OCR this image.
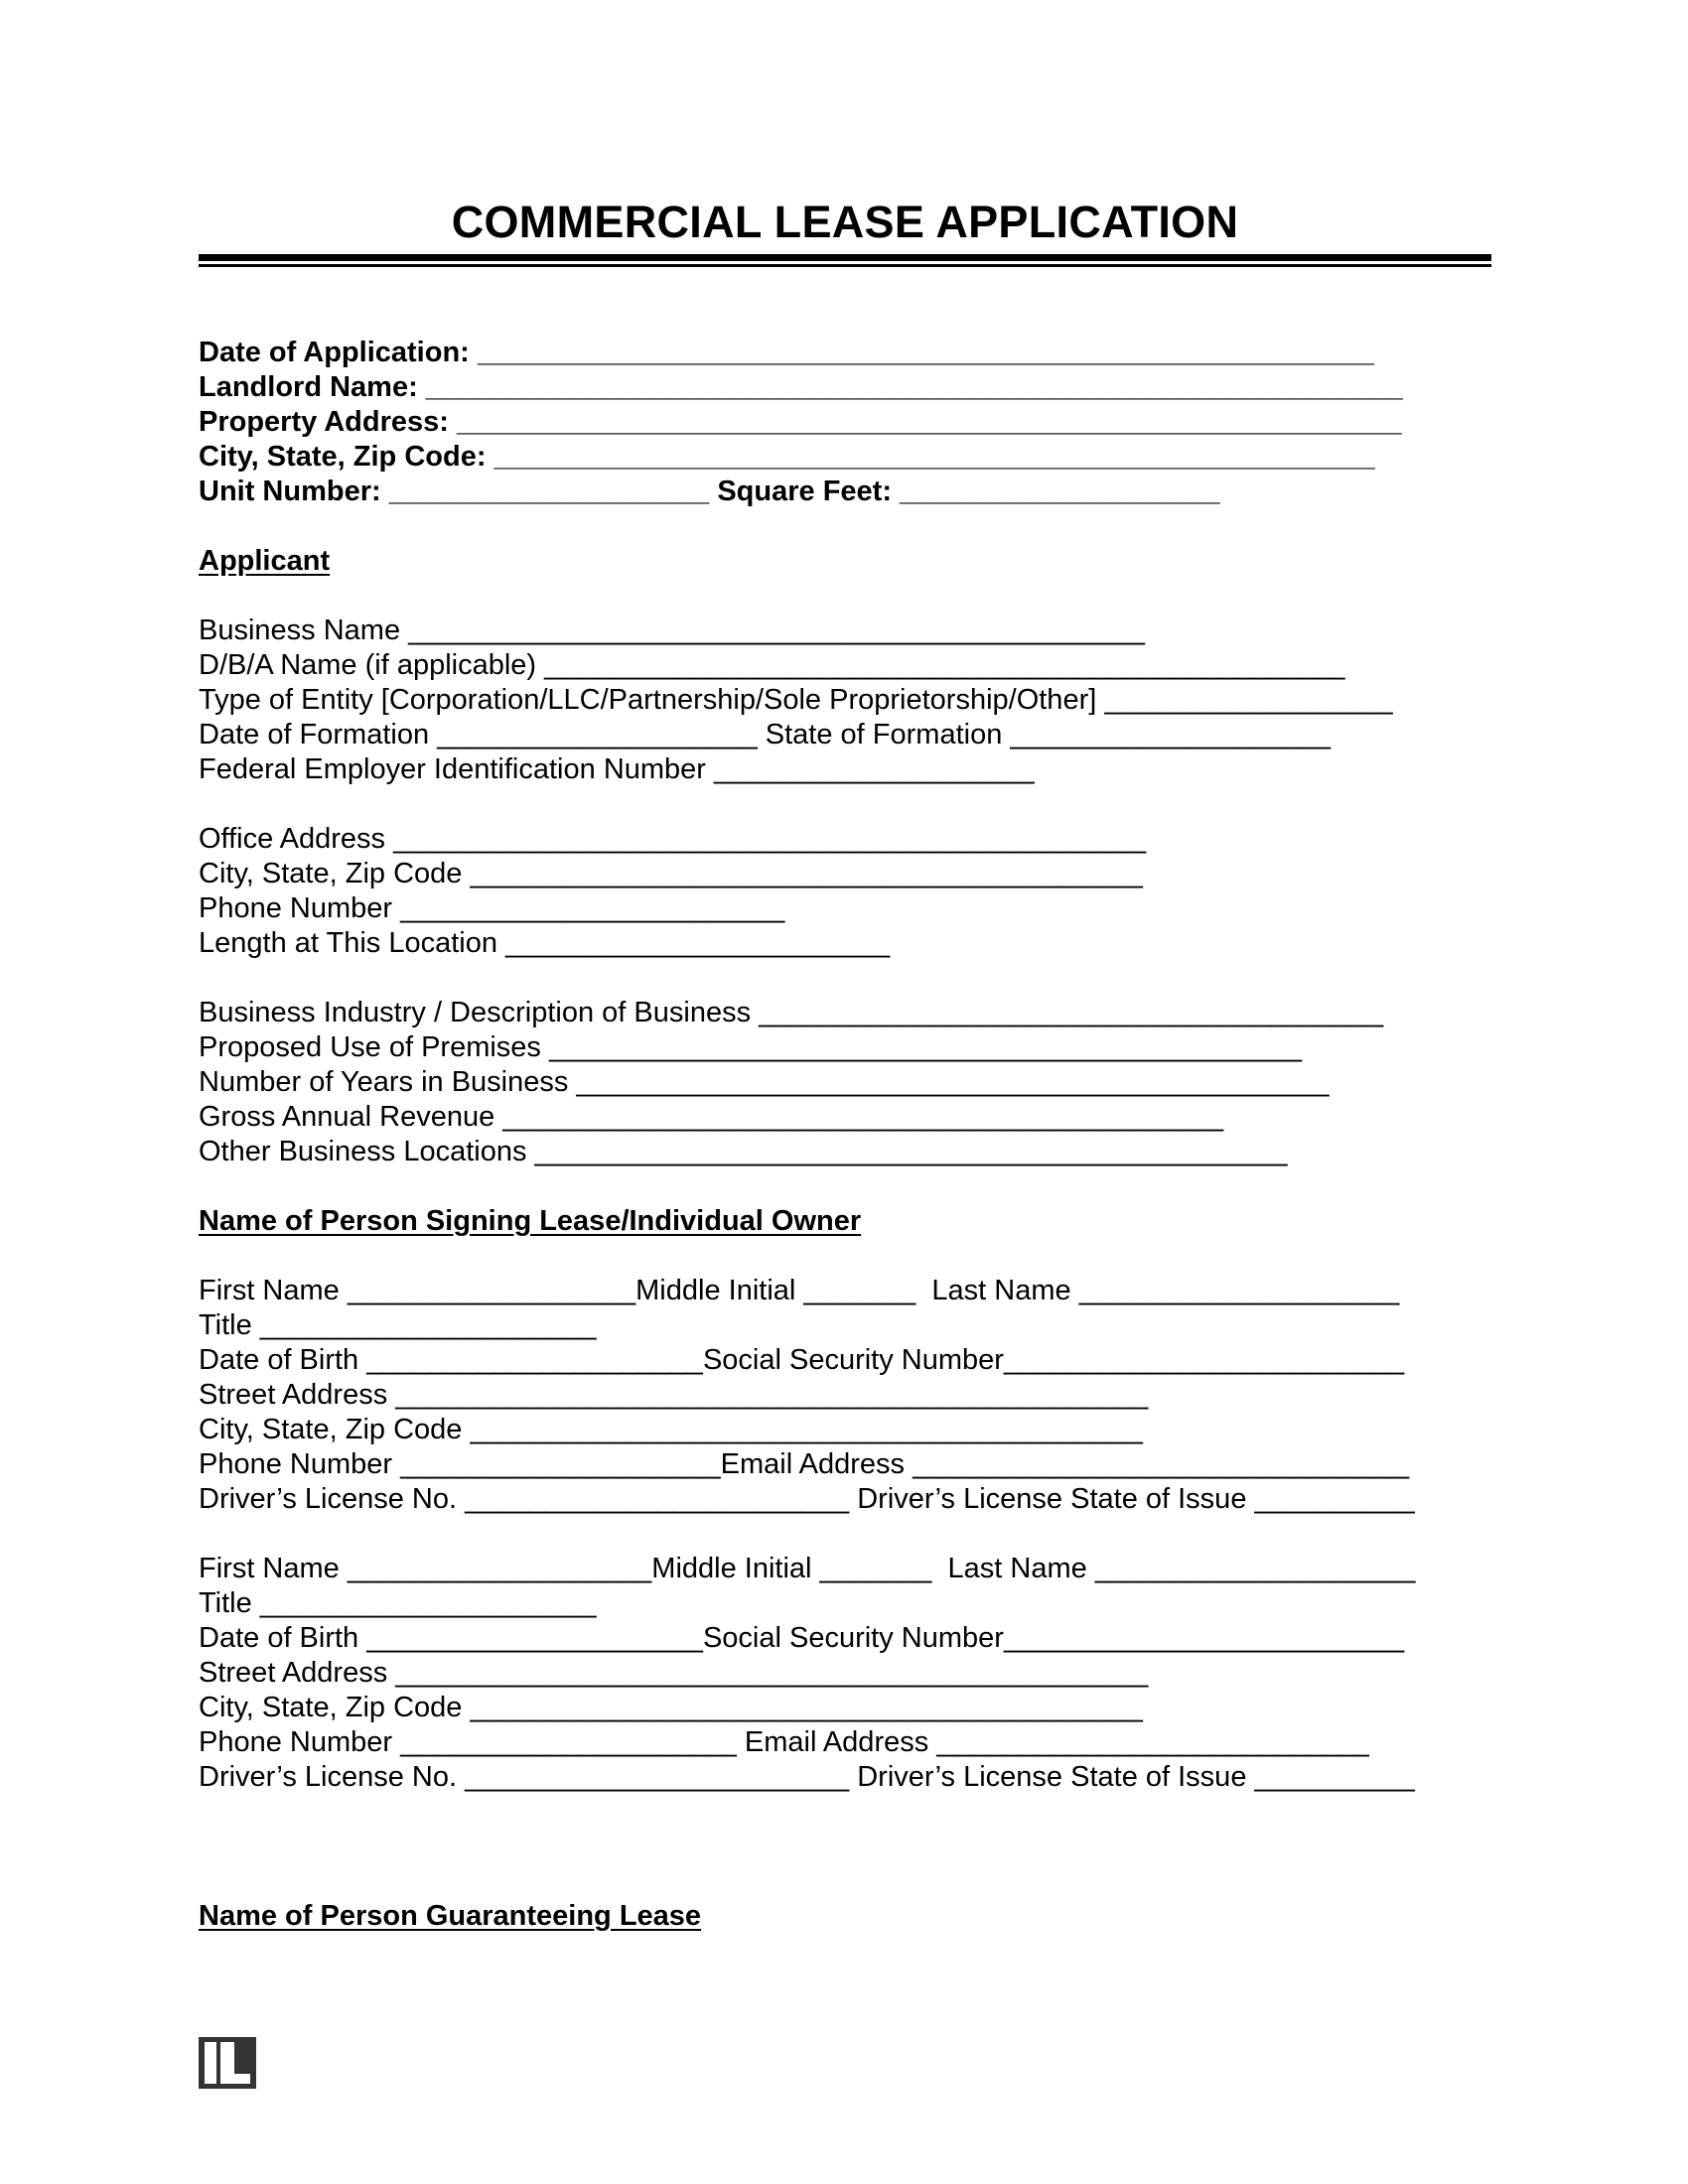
COMMERCIAL LEASE APPLICATION
Date of Application: ________________________________________________________
Landlord Name: _____________________________________________________________
Property Address: ___________________________________________________________
City, State, Zip Code: _______________________________________________________
Unit Number: ____________________ Square Feet: ____________________
Applicant
Business Name ______________________________________________
D/B/A Name (if applicable) __________________________________________________
Type of Entity [Corporation/LLC/Partnership/Sole Proprietorship/Other] __________________
Date of Formation ____________________ State of Formation ____________________
Federal Employer Identification Number ____________________
Office Address _______________________________________________
City, State, Zip Code __________________________________________
Phone Number ________________________
Length at This Location ________________________
Business Industry / Description of Business _______________________________________
Proposed Use of Premises _______________________________________________
Number of Years in Business _______________________________________________
Gross Annual Revenue _____________________________________________
Other Business Locations _______________________________________________
Name of Person Signing Lease/Individual Owner
First Name __________________Middle Initial _______  Last Name ____________________
Title _____________________
Date of Birth _____________________Social Security Number_________________________
Street Address _______________________________________________
City, State, Zip Code __________________________________________
Phone Number ____________________Email Address _______________________________
Driver’s License No. ________________________ Driver’s License State of Issue __________
First Name ___________________Middle Initial _______  Last Name ____________________
Title _____________________
Date of Birth _____________________Social Security Number_________________________
Street Address _______________________________________________
City, State, Zip Code __________________________________________
Phone Number _____________________ Email Address ___________________________
Driver’s License No. ________________________ Driver’s License State of Issue __________
Name of Person Guaranteeing Lease
